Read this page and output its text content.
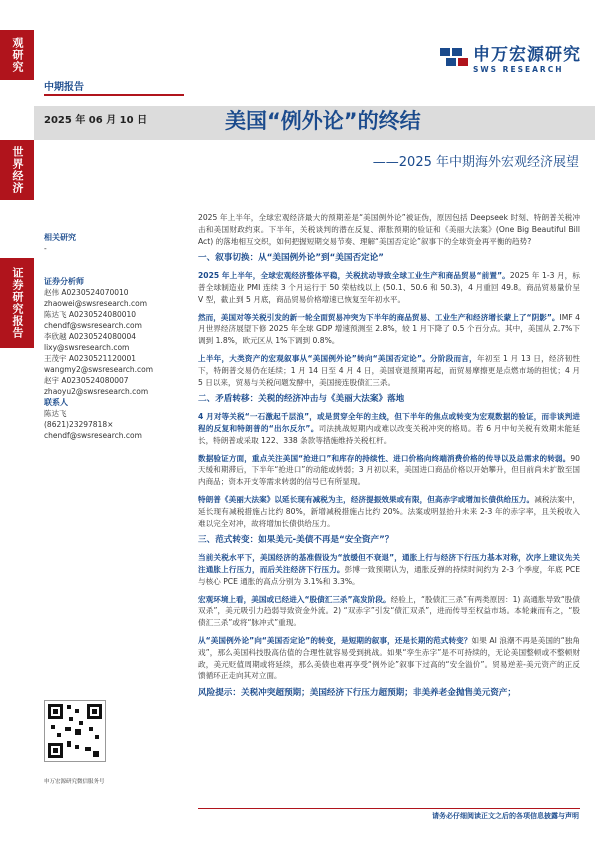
观研究
世界经济
证券研究报告
申万宏源研究
SWS RESEARCH
中期报告
2025 年 06 月 10 日	美国“例外论”的终结
——2025 年中期海外宏观经济展望
相关研究
-
证券分析师
赵伟 A0230524070010
zhaowei@swsresearch.com
陈达飞 A0230524080010
chendf@swsresearch.com
李欣越 A0230524080004
lixy@swsresearch.com
王茂宇 A0230521120001
wangmy2@swsresearch.com
赵宇 A0230524080007
zhaoyu2@swsresearch.com
联系人
陈达飞
(8621)23297818×
chendf@swsresearch.com
申万宏源研究微信服务号

2025 年上半年，全球宏观经济最大的预期差是“美国例外论”被证伪，原因包括 Deepseek 时刻、特朗普关税冲击和美国财政约束。下半年，关税谈判的潜在反复、滞胀预期的验证和《美丽大法案》(One Big Beautiful Bill Act) 的落地相互交织，如何把握短期交易节奏、理解“美国否定论”叙事下的全球资金再平衡的趋势?

一、叙事切换：从“美国例外论”到“美国否定论”

2025 年上半年，全球宏观经济整体平稳，关税扰动导致全球工业生产和商品贸易“前置”。2025 年 1-3 月，标普全球制造业 PMI 连续 3 个月运行于 50 荣枯线以上 (50.1、50.6 和 50.3)，4 月重回 49.8。商品贸易量价呈 V 型，截止到 5 月底，商品贸易价格增速已恢复至年初水平。

然而，美国对等关税引发的新一轮全面贸易冲突为下半年的商品贸易、工业生产和经济增长蒙上了“阴影”。IMF 4 月世界经济展望下修 2025 年全球 GDP 增速预测至 2.8%，较 1 月下降了 0.5 个百分点。其中，美国从 2.7%下调到 1.8%，欧元区从 1%下调到 0.8%。

上半年，大类资产的宏观叙事从“美国例外论”转向“美国否定论”。分阶段而言，年初至 1 月 13 日，经济韧性下，特朗普交易仍在延续；1 月 14 日至 4 月 4 日，美国衰退预期再起，而贸易摩擦更是点燃市场的担忧；4 月 5 日以来，贸易与关税问题发酵中，美国接连股债汇三杀。

二、矛盾转移：关税的经济冲击与《美丽大法案》落地

4 月对等关税“一石激起千层浪”，或是贯穿全年的主线，但下半年的焦点或转变为宏观数据的验证，而非谈判进程的反复和特朗普的“出尔反尔”。司法挑战短期内或难以改变关税冲突的格局。若 6 月中旬关税有效期未能延长，特朗普或采取 122、338 条款等措施维持关税杠杆。

数据验证方面，重点关注美国“抢进口”和库存的持续性、进口价格向终端消费价格的传导以及总需求的转弱。90 天缓和期滞后，下半年“抢进口”的动能或转弱；3 月初以来，美国进口商品价格以开始攀升，但目前尚未扩散至国内商品；资本开支等需求转弱的信号已有所显现。

特朗普《美丽大法案》以延长现有减税为主，经济提振效果或有限，但高赤字或增加长债供给压力。减税法案中，延长现有减税措施占比约 80%，新增减税措施占比约 20%。法案或明显抬升未来 2-3 年的赤字率，且关税收入难以完全对冲，故将增加长债供给压力。

三、范式转变：如果美元-美债不再是“安全资产”？

当前关税水平下，美国经济的基准假设为“放缓但不衰退”，通胀上行与经济下行压力基本对称，次序上建议先关注通胀上行压力，而后关注经济下行压力。彭博一致预期认为，通胀反弹的持续时间约为 2-3 个季度，年底 PCE 与核心 PCE 通胀的高点分别为 3.1%和 3.3%。

宏观环境上看，美国或已经进入“股债汇三杀”高发阶段。经验上，“股债汇三杀”有两类原因：1) 高通胀导致“股债双杀”，美元吸引力趋弱导致资金外流。2) “双赤字”引发“债汇双杀”，进而传导至权益市场。本轮兼而有之，“股债汇三杀”或将“脉冲式”重现。

从“美国例外论”向“美国否定论”的转变，是短期的叙事，还是长期的范式转变？如果 AI 浪潮不再是美国的“独角戏”，那么美国科技股高估值的合理性就容易受到挑战。如果“孪生赤字”是不可持续的，无论美国整顿或不整顿财政，美元贬值周期或将延续，那么美债也难再享受“例外论”叙事下过高的“安全溢价”。贸易逆差-美元资产的正反馈循环正走向其对立面。

风险提示：关税冲突超预期；美国经济下行压力超预期；非美养老金抛售美元资产；
请务必仔细阅读正文之后的各项信息披露与声明
